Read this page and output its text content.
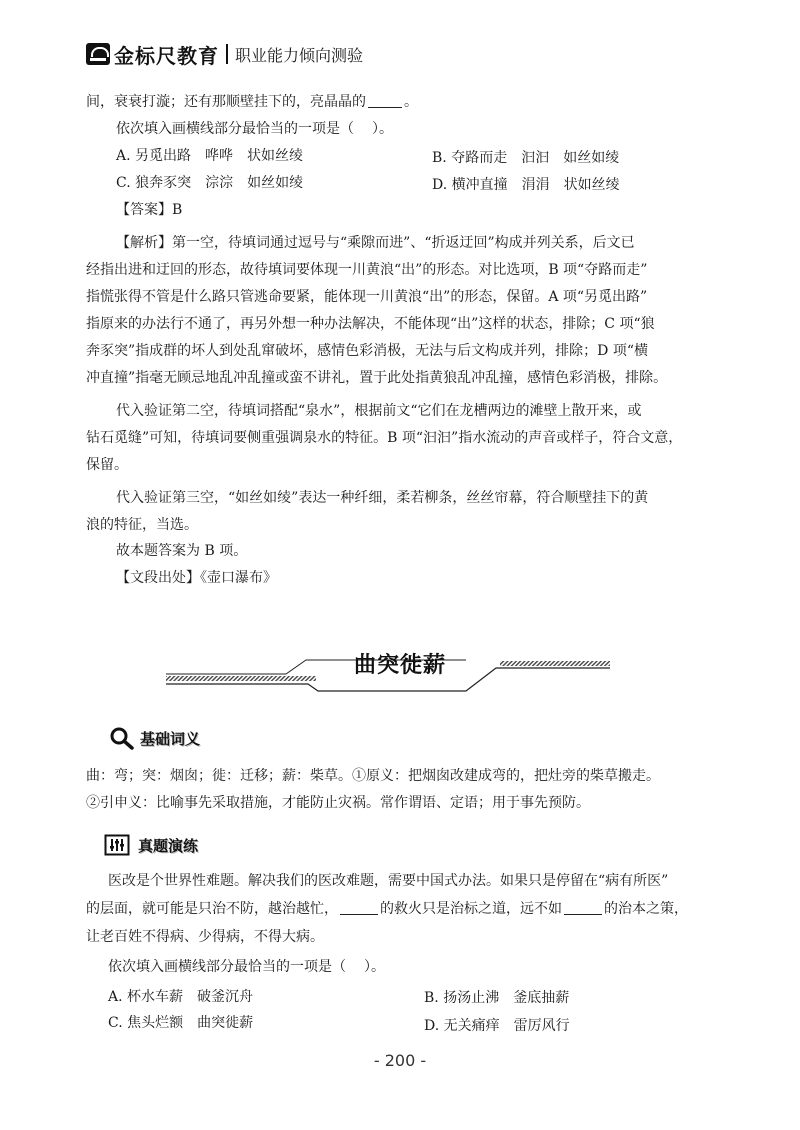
金标尺教育 职业能力倾向测验
间，衰衰打漩；还有那顺壁挂下的，亮晶晶的	。
依次填入画横线部分最恰当的一项是（ ）。
A. 另觅出路　哗哗　状如丝绫	B. 夺路而走　汩汩　如丝如绫
C. 狼奔豕突　淙淙　如丝如绫	D. 横冲直撞　涓涓　状如丝绫
【答案】B
【解析】第一空，待填词通过逗号与“乘隙而进”、“折返迂回”构成并列关系，后文已
经指出进和迂回的形态，故待填词要体现一川黄浪“出”的形态。对比选项，B 项“夺路而走”
指慌张得不管是什么路只管逃命要紧，能体现一川黄浪“出”的形态，保留。A 项“另觅出路”
指原来的办法行不通了，再另外想一种办法解决，不能体现“出”这样的状态，排除；C 项“狼
奔豕突”指成群的坏人到处乱窜破坏，感情色彩消极，无法与后文构成并列，排除；D 项“横
冲直撞”指毫无顾忌地乱冲乱撞或蛮不讲礼，置于此处指黄狼乱冲乱撞，感情色彩消极，排除。
代入验证第二空，待填词搭配“泉水”，根据前文“它们在龙槽两边的滩壁上散开来，或
钻石觅缝”可知，待填词要侧重强调泉水的特征。B 项“汩汩”指水流动的声音或样子，符合文意，
保留。
代入验证第三空，“如丝如绫”表达一种纤细，柔若柳条，丝丝帘幕，符合顺壁挂下的黄
浪的特征，当选。
故本题答案为 B 项。
【文段出处】《壶口瀑布》
曲突徙薪
基础词义
曲：弯；突：烟囱；徙：迁移；薪：柴草。①原义：把烟囱改建成弯的，把灶旁的柴草搬走。
②引申义：比喻事先采取措施，才能防止灾祸。常作谓语、定语；用于事先预防。
真题演练
医改是个世界性难题。解决我们的医改难题，需要中国式办法。如果只是停留在“病有所医”
的层面，就可能是只治不防，越治越忙，	的救火只是治标之道，远不如	的治本之策，
让老百姓不得病、少得病，不得大病。
依次填入画横线部分最恰当的一项是（ ）。
A. 杯水车薪　破釜沉舟	B. 扬汤止沸　釜底抽薪
C. 焦头烂额　曲突徙薪	D. 无关痛痒　雷厉风行
- 200 -
